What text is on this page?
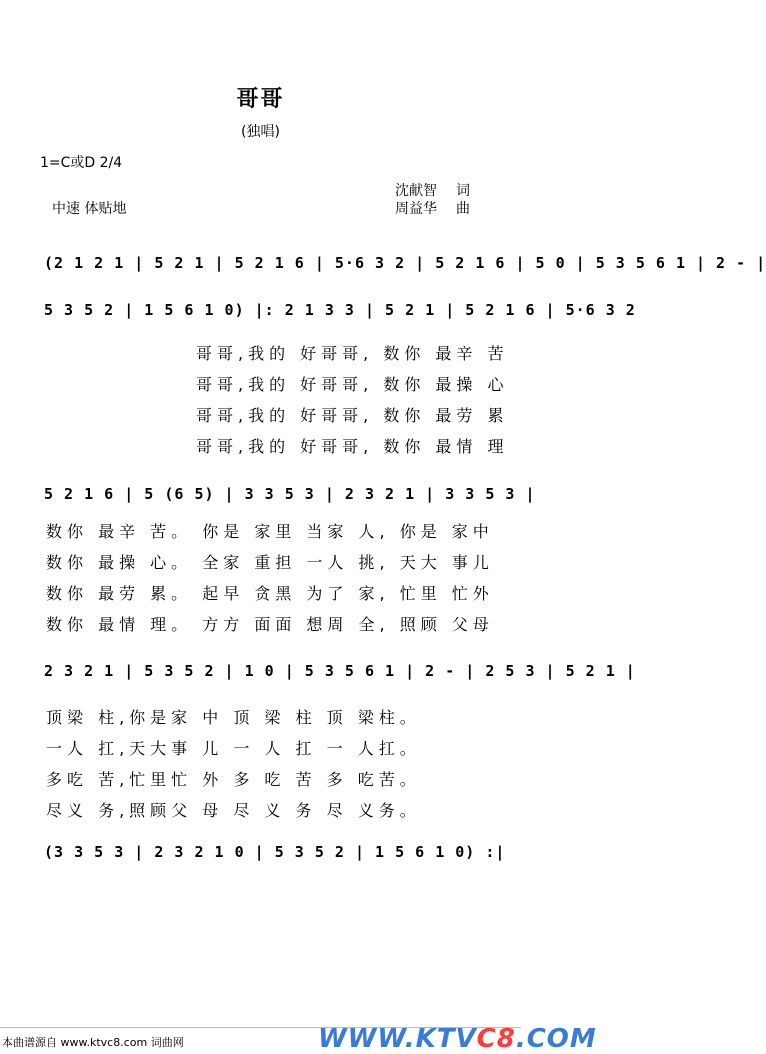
哥哥
(独唱)
1=C或D 2/4
沈献智 词
中速 体贴地	周益华 曲
(2 1 2 1 | 5 2 1 | 5 2 1 6 | 5·6 3 2 | 5 2 1 6 | 5 0 | 5 3 5 6 1 | 2 - |
5 3 5 2 | 1 5 6 1 0) |: 2 1 3 3 | 5 2 1 | 5 2 1 6 | 5·6 3 2
哥哥,我的 好哥哥, 数你 最辛 苦
哥哥,我的 好哥哥, 数你 最操 心
哥哥,我的 好哥哥, 数你 最劳 累
哥哥,我的 好哥哥, 数你 最情 理
5 2 1 6 | 5 (6 5) | 3 3 5 3 | 2 3 2 1 | 3 3 5 3 |
数你 最辛 苦。 你是 家里 当家 人, 你是 家中
数你 最操 心。 全家 重担 一人 挑, 天大 事儿
数你 最劳 累。 起早 贪黑 为了 家, 忙里 忙外
数你 最情 理。 方方 面面 想周 全, 照顾 父母
2 3 2 1 | 5 3 5 2 | 1 0 | 5 3 5 6 1 | 2 - | 2 5 3 | 5 2 1 |
顶梁 柱,你是家 中 顶 梁 柱 顶 梁柱。
一人 扛,天大事 儿 一 人 扛 一 人扛。
多吃 苦,忙里忙 外 多 吃 苦 多 吃苦。
尽义 务,照顾父 母 尽 义 务 尽 义务。
(3 3 5 3 | 2 3 2 1 0 | 5 3 5 2 | 1 5 6 1 0) :|
本曲谱源自 www.ktvc8.com 词曲网	WWW.KTVC8.COM
